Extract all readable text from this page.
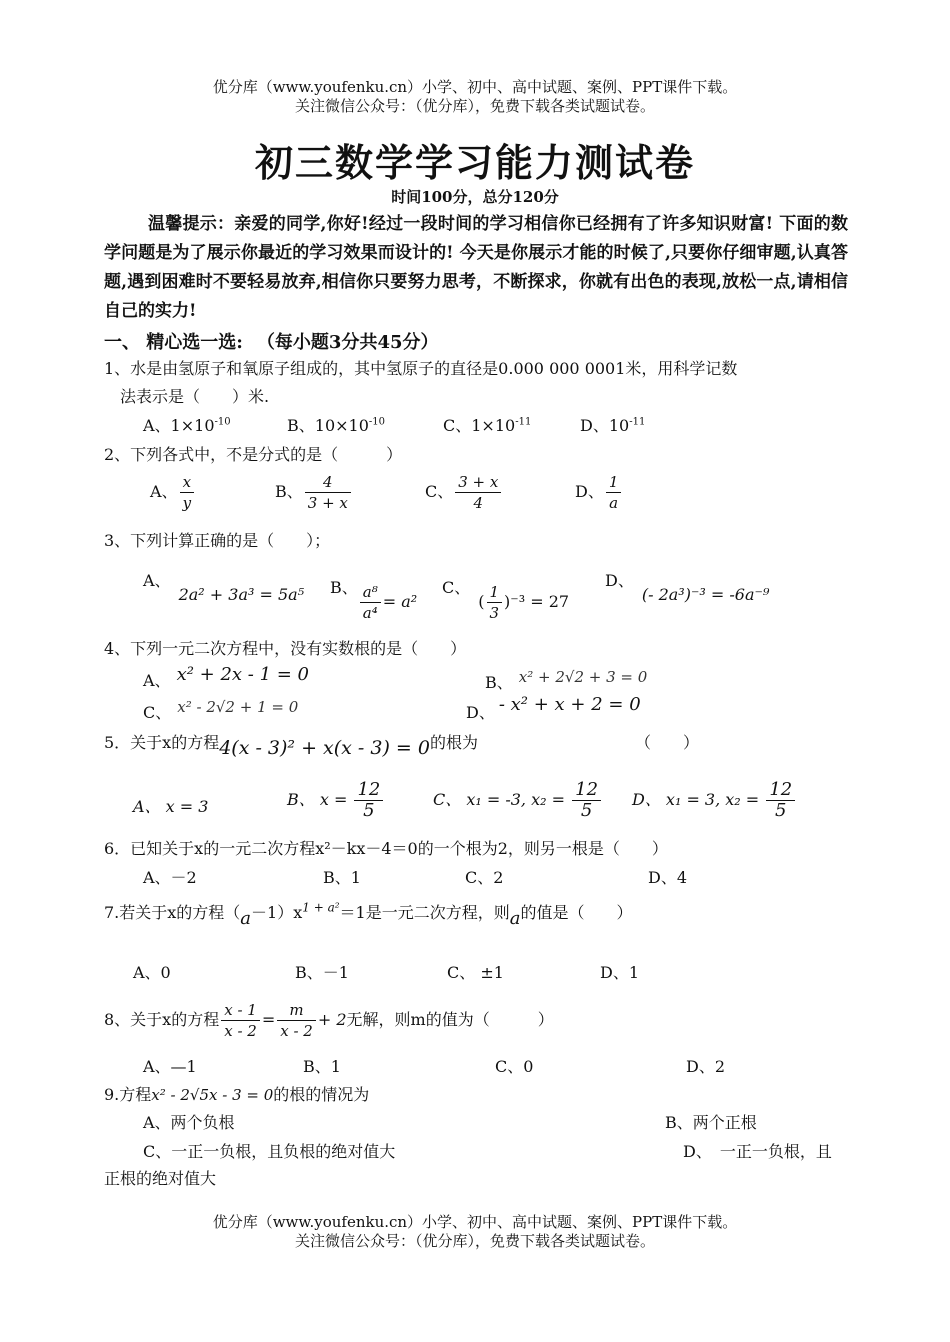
优分库（www.youfenku.cn）小学、初中、高中试题、案例、PPT课件下载。
关注微信公众号：（优分库），免费下载各类试题试卷。
初三数学学习能力测试卷
时间100分，总分120分
温馨提示：亲爱的同学,你好!经过一段时间的学习相信你已经拥有了许多知识财富! 下面的数学问题是为了展示你最近的学习效果而设计的! 今天是你展示才能的时候了,只要你仔细审题,认真答题,遇到困难时不要轻易放弃,相信你只要努力思考，不断探求，你就有出色的表现,放松一点,请相信自己的实力!
一、 精心选一选: （每小题3分共45分）
1、水是由氢原子和氧原子组成的，其中氢原子的直径是0.000 000 0001米，用科学记数
法表示是（　　）米.
A、$1\times 10^{-10}$	B、$10\times 10^{-10}$	C、$1\times 10^{-11}$	D、$10^{-11}$
2、下列各式中，不是分式的是（　　　）
A、 $\frac{x}{y}$	B、 $\frac{4}{3 + x}$	C、 $\frac{3 + x}{4}$	D、 $\frac{1}{a}$
3、下列计算正确的是（　　）；
A、2a² + 3a³ = 5a⁵ B、 $\frac{\text{a⁸}}{\text{a⁴}} = a^2$
C、( $\frac{1}{3} )^{-3} = 27$
D、(- 2a³)⁻³ = -6a⁻⁹
4、下列一元二次方程中，没有实数根的是（　　）
A、 x² + 2x - 1 = 0	B、 x² + 2√2 + 3 = 0
C、 x² - 2√2 + 1 = 0	D、 - x² + x + 2 = 0
5．关于x的方程4(x - 3)² + x(x - 3) = 0的根为	（　　）
A、 x = 3	B、 $x = \frac{12}{5}$	C、 x₁ = -3, $x_2 = \frac{12}{5}$ D、 x₁ = 3, $x_2 = \frac{12}{5}$
6．已知关于x的一元二次方程x²－kx－4＝0的一个根为2，则另一根是（　　）
A、－2	B、1	C、2	D、4
7.若关于x的方程$(a-1)x^{1 + a^2}=1$是一元二次方程，则a的值是（　　）
A、0	B、－1	C、 ±1	D、1
8、关于x的方程 $\frac{x - 1}{x - 2} = \frac{m}{x - 2} + 2$无解，则m的值为（　　　）
A、—1	B、1	C、0	D、2
9.方程x² - 2√5x - 3 = 0的根的情况为
A、两个负根	B、两个正根
C、一正一负根，且负根的绝对值大	D、　一正一负根，且
正根的绝对值大
优分库（www.youfenku.cn）小学、初中、高中试题、案例、PPT课件下载。
关注微信公众号：（优分库），免费下载各类试题试卷。
